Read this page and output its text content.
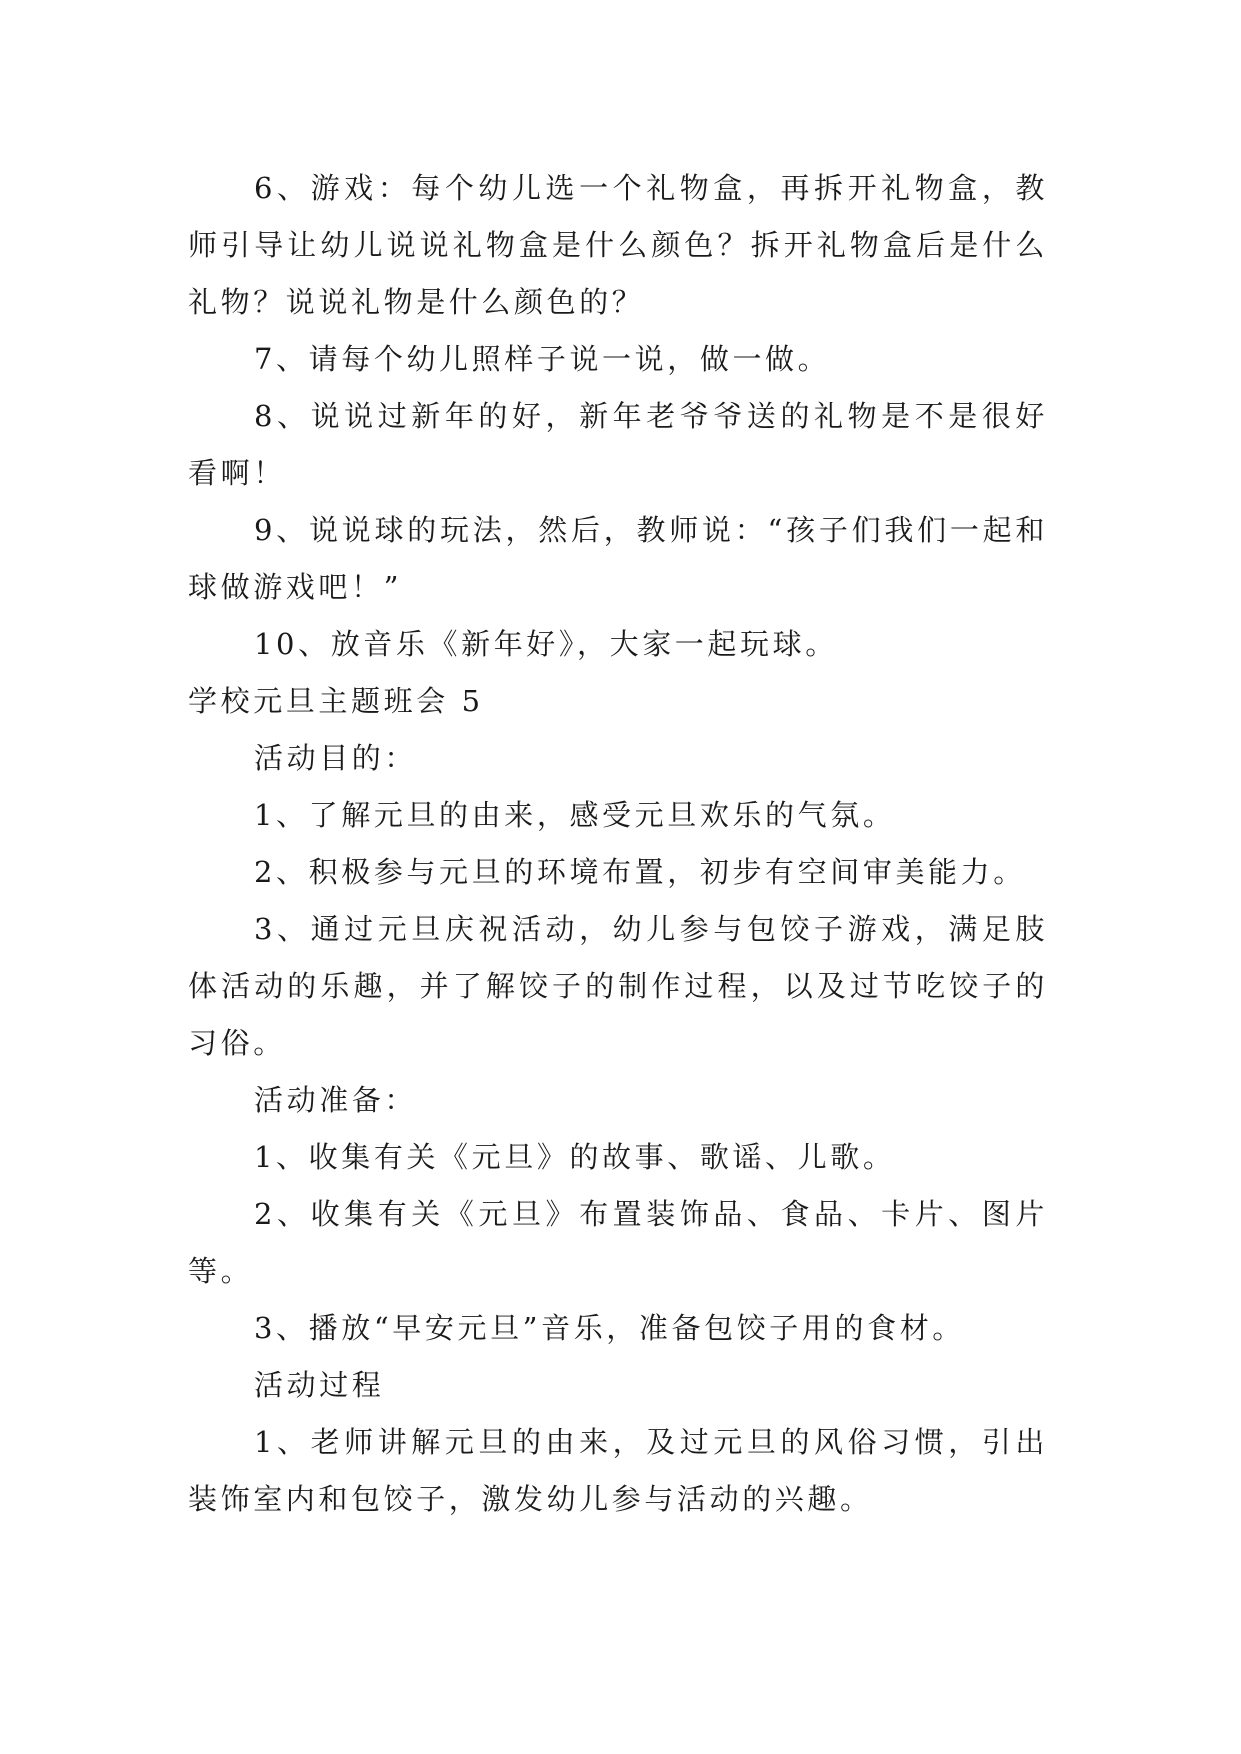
6、游戏：每个幼儿选一个礼物盒，再拆开礼物盒，教师引导让幼儿说说礼物盒是什么颜色？拆开礼物盒后是什么礼物？说说礼物是什么颜色的？

7、请每个幼儿照样子说一说，做一做。

8、说说过新年的好，新年老爷爷送的礼物是不是很好看啊！

9、说说球的玩法，然后，教师说：“孩子们我们一起和球做游戏吧！”

10、放音乐《新年好》，大家一起玩球。

学校元旦主题班会 5

活动目的：

1、了解元旦的由来，感受元旦欢乐的气氛。

2、积极参与元旦的环境布置，初步有空间审美能力。

3、通过元旦庆祝活动，幼儿参与包饺子游戏，满足肢体活动的乐趣，并了解饺子的制作过程，以及过节吃饺子的习俗。

活动准备：

1、收集有关《元旦》的故事、歌谣、儿歌。

2、收集有关《元旦》布置装饰品、食品、卡片、图片等。

3、播放“早安元旦”音乐，准备包饺子用的食材。

活动过程

1、老师讲解元旦的由来，及过元旦的风俗习惯，引出装饰室内和包饺子，激发幼儿参与活动的兴趣。
